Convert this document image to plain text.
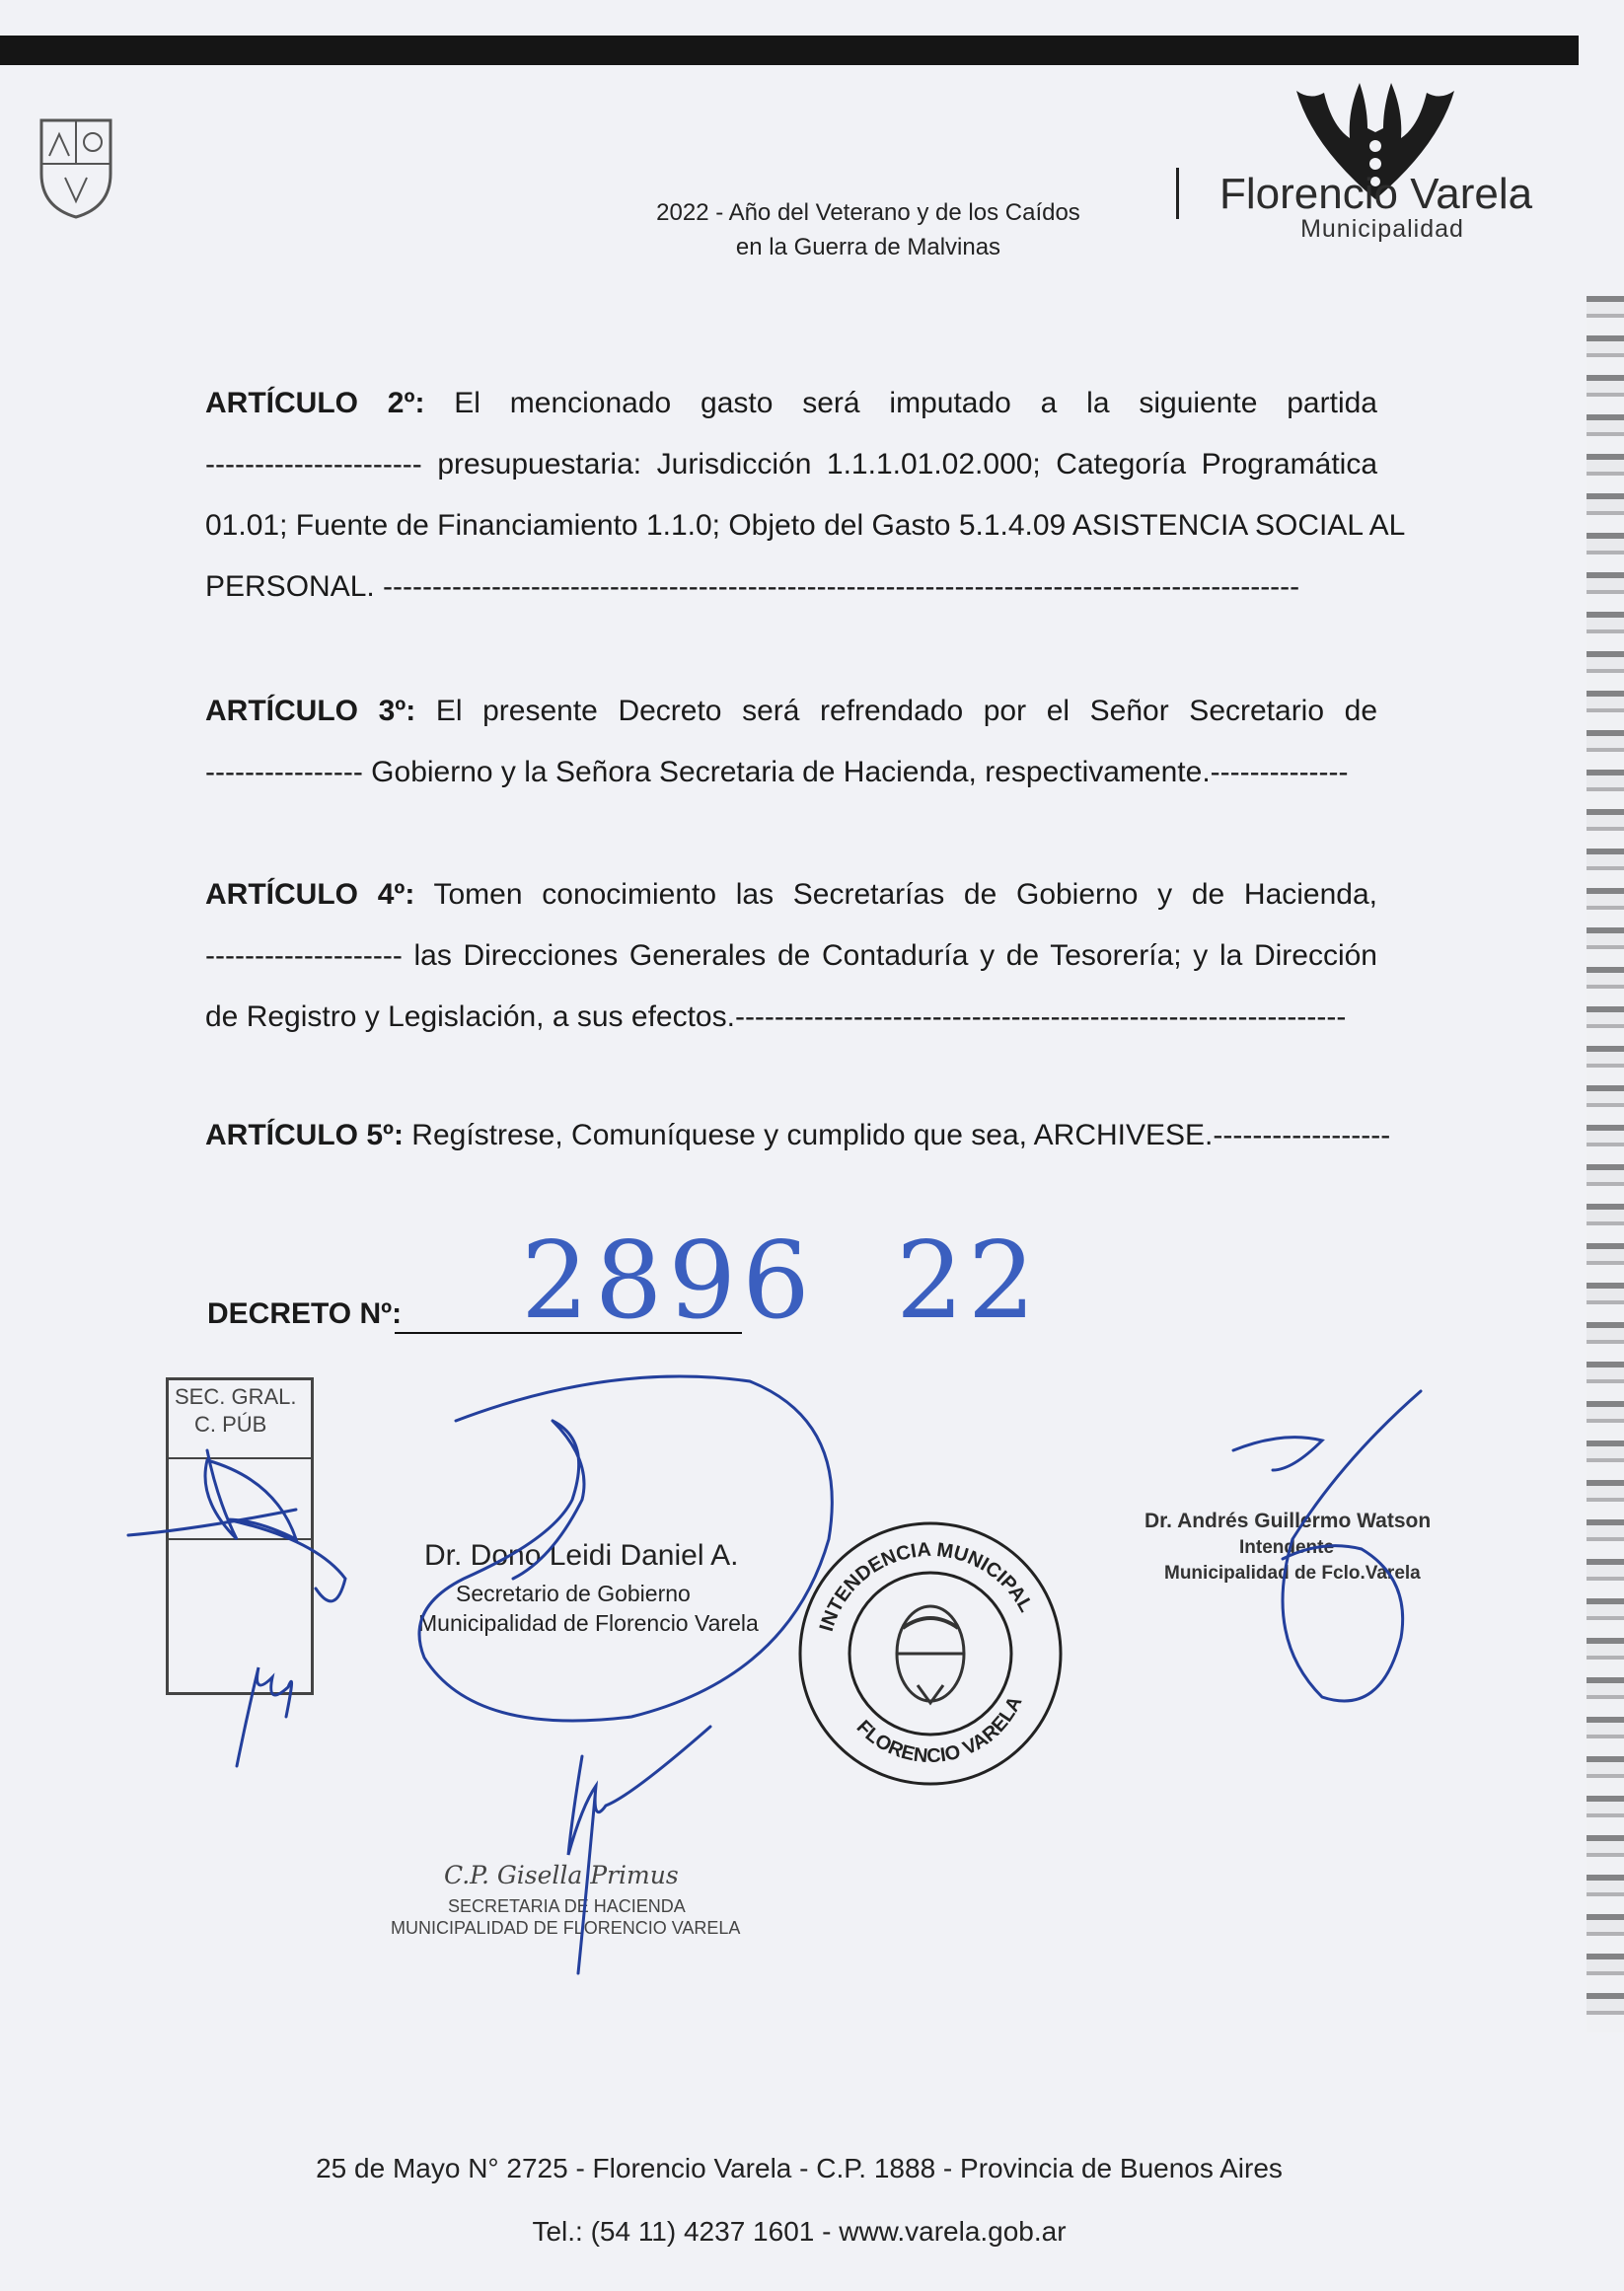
2022 - Año del Veterano y de los Caídos
en la Guerra de Malvinas
Florencio Varela
Municipalidad
ARTÍCULO 2º: El mencionado gasto será imputado a la siguiente partida
---------------------- presupuestaria: Jurisdicción 1.1.1.01.02.000; Categoría Programática
01.01; Fuente de Financiamiento 1.1.0; Objeto del Gasto 5.1.4.09 ASISTENCIA SOCIAL AL
PERSONAL. ---------------------------------------------------------------------------------------------
ARTÍCULO 3º: El presente Decreto será refrendado por el Señor Secretario de
---------------- Gobierno y la Señora Secretaria de Hacienda, respectivamente.--------------
ARTÍCULO 4º: Tomen conocimiento las Secretarías de Gobierno y de Hacienda,
-------------------- las Direcciones Generales de Contaduría y de Tesorería; y la Dirección
de Registro y Legislación, a sus efectos.--------------------------------------------------------------
ARTÍCULO 5º: Regístrese, Comuníquese y cumplido que sea, ARCHIVESE.------------------
DECRETO Nº: 2896 22
SEC. GRAL.
C. PÚB
INTENDENCIA MUNICIPAL
FLORENCIO VARELA
Dr. Dono Leidi Daniel A.
Secretario de Gobierno
Municipalidad de Florencio Varela
Dr. Andrés Guillermo Watson
Intendente
Municipalidad de Fclo.Varela
C.P. Gisella Primus
SECRETARIA DE HACIENDA
MUNICIPALIDAD DE FLORENCIO VARELA
25 de Mayo N° 2725 - Florencio Varela - C.P. 1888 - Provincia de Buenos Aires
Tel.: (54 11) 4237 1601 - www.varela.gob.ar
